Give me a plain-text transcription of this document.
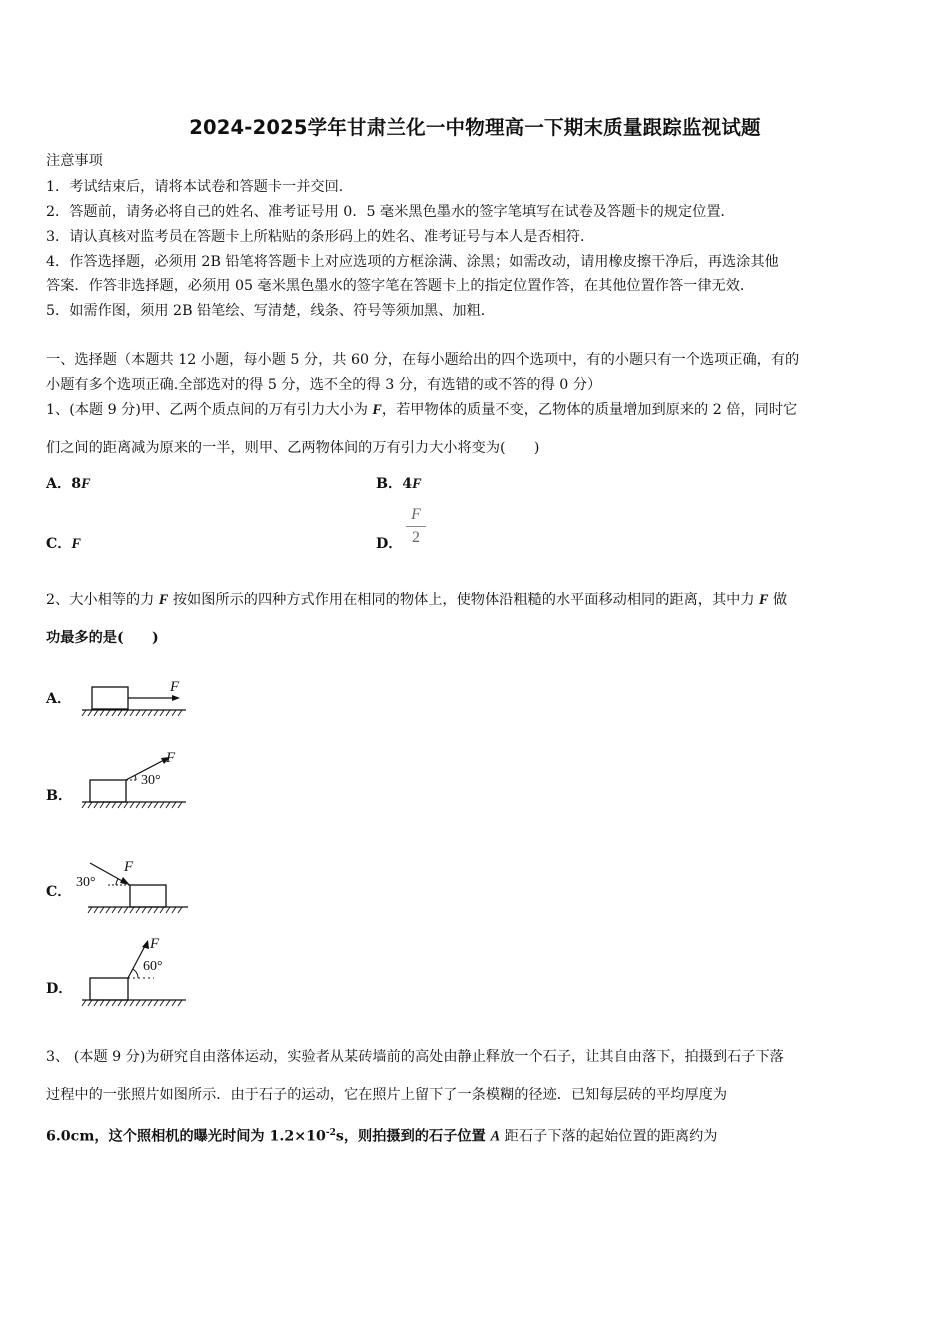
2024-2025学年甘肃兰化一中物理高一下期末质量跟踪监视试题
注意事项
1．考试结束后，请将本试卷和答题卡一并交回．
2．答题前，请务必将自己的姓名、准考证号用 0．5 毫米黑色墨水的签字笔填写在试卷及答题卡的规定位置．
3．请认真核对监考员在答题卡上所粘贴的条形码上的姓名、准考证号与本人是否相符．
4．作答选择题，必须用 2B 铅笔将答题卡上对应选项的方框涂满、涂黑；如需改动，请用橡皮擦干净后，再选涂其他
答案．作答非选择题，必须用 05 毫米黑色墨水的签字笔在答题卡上的指定位置作答，在其他位置作答一律无效．
5．如需作图，须用 2B 铅笔绘、写清楚，线条、符号等须加黑、加粗．
一、选择题（本题共 12 小题，每小题 5 分，共 60 分，在每小题给出的四个选项中，有的小题只有一个选项正确，有的
小题有多个选项正确.全部选对的得 5 分，选不全的得 3 分，有选错的或不答的得 0 分）
1、(本题 9 分)甲、乙两个质点间的万有引力大小为 F，若甲物体的质量不变，乙物体的质量增加到原来的 2 倍，同时它
们之间的距离减为原来的一半，则甲、乙两物体间的万有引力大小将变为(　　)
A．8F	B．4F
C．F	D．
F
2
2、大小相等的力 F 按如图所示的四种方式作用在相同的物体上，使物体沿粗糙的水平面移动相同的距离，其中力 F 做
功最多的是(　　)
A．
F
B．
F
30°
C．
F
30°
D．
F
60°
3、 (本题 9 分)为研究自由落体运动，实验者从某砖墙前的高处由静止释放一个石子，让其自由落下，拍摄到石子下落
过程中的一张照片如图所示．由于石子的运动，它在照片上留下了一条模糊的径迹．已知每层砖的平均厚度为
6.0cm，这个照相机的曝光时间为 $1.2\times 10^{-2}s$，则拍摄到的石子位置 A 距石子下落的起始位置的距离约为
